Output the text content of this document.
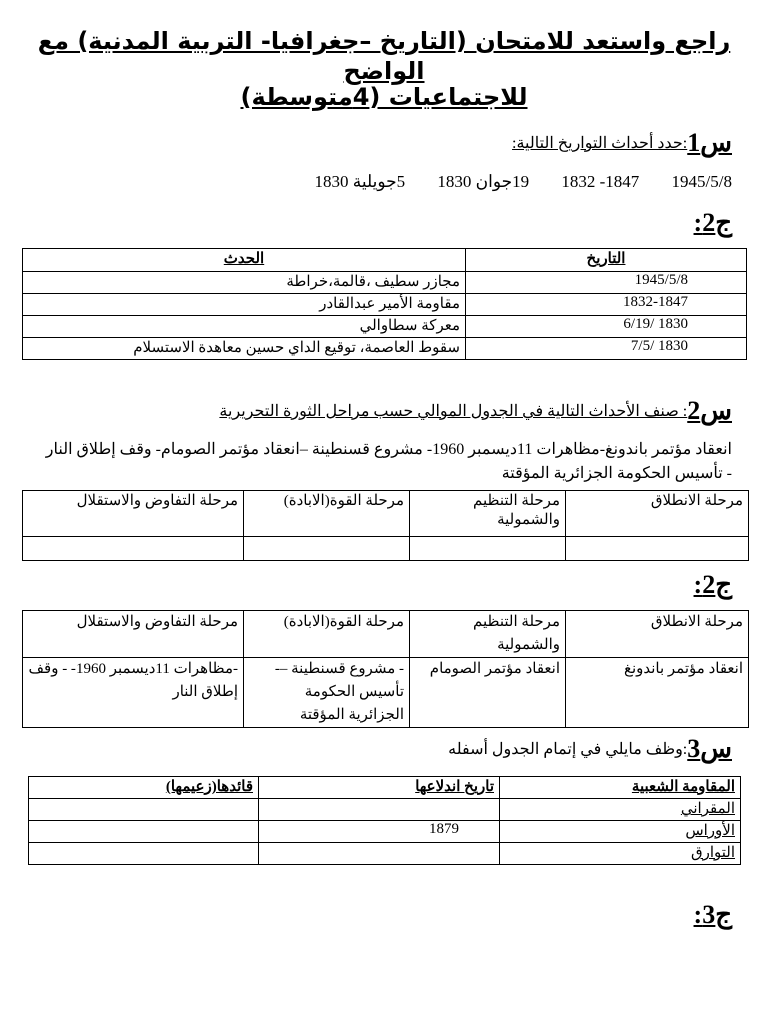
راجع واستعد للامتحان (التاريخ –جغرافيا- التربية المدنية) مع الواضح
للاجتماعيات (4متوسطة)
س1:حدد أحداث التواريخ التالية:
1945/5/8 1832 -1847 19جوان 1830 5جويلية 1830
ج2:
التاريخ	الحدث
1945/5/8	مجازر سطيف ،قالمة،خراطة
1832-1847	مقاومة الأمير عبدالقادر
1830 /6/19	معركة سطاوالي
1830 /7/5	سقوط العاصمة، توقيع الداي حسين معاهدة الاستسلام
س2: صنف الأحداث التالية في الجدول الموالي حسب مراحل الثورة التحريرية
انعقاد مؤتمر باندونغ-مظاهرات 11ديسمبر 1960- مشروع قسنطينة –انعقاد مؤتمر الصومام- وقف إطلاق النار - تأسيس الحكومة الجزائرية المؤقتة
مرحلة الانطلاق	مرحلة التنظيم والشمولية	مرحلة القوة(الابادة)	مرحلة التفاوض والاستقلال

ج2:
مرحلة الانطلاق	مرحلة التنظيم والشمولية	مرحلة القوة(الابادة)	مرحلة التفاوض والاستقلال
انعقاد مؤتمر باندونغ	انعقاد مؤتمر الصومام	- مشروع قسنطينة –- تأسيس الحكومة الجزائرية المؤقتة	-مظاهرات 11ديسمبر 1960- - وقف إطلاق النار
س3:وظف مايلي في إتمام الجدول أسفله
المقاومة الشعبية	تاريخ اندلاعها	قائدها(زعيمها)
المقراني		
الأوراس	1879	
التوارق		
ج3:
